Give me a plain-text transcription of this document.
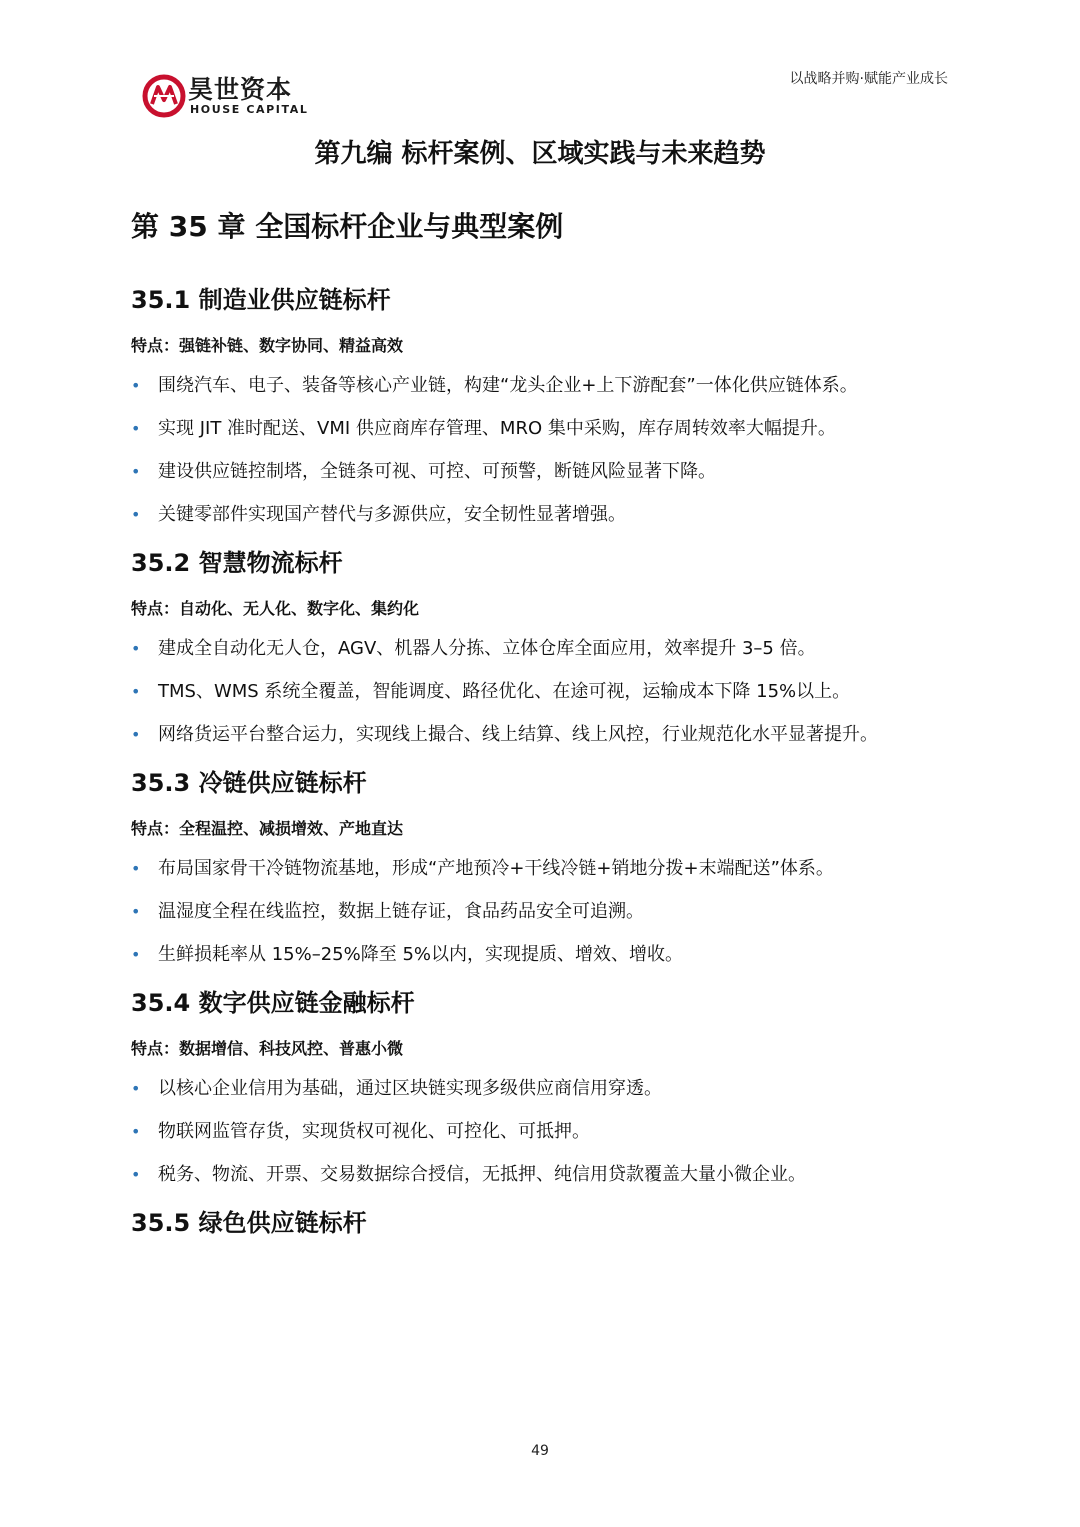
昊世资本
HOUSE CAPITAL
以战略并购·赋能产业成长
第九编 标杆案例、区域实践与未来趋势
第 35 章 全国标杆企业与典型案例
35.1 制造业供应链标杆
特点：强链补链、数字协同、精益高效
• 围绕汽车、电子、装备等核心产业链，构建“龙头企业+上下游配套”一体化供应链体系。
• 实现 JIT 准时配送、VMI 供应商库存管理、MRO 集中采购，库存周转效率大幅提升。
• 建设供应链控制塔，全链条可视、可控、可预警，断链风险显著下降。
• 关键零部件实现国产替代与多源供应，安全韧性显著增强。
35.2 智慧物流标杆
特点：自动化、无人化、数字化、集约化
• 建成全自动化无人仓，AGV、机器人分拣、立体仓库全面应用，效率提升 3–5 倍。
• TMS、WMS 系统全覆盖，智能调度、路径优化、在途可视，运输成本下降 15%以上。
• 网络货运平台整合运力，实现线上撮合、线上结算、线上风控，行业规范化水平显著提升。
35.3 冷链供应链标杆
特点：全程温控、减损增效、产地直达
• 布局国家骨干冷链物流基地，形成“产地预冷+干线冷链+销地分拨+末端配送”体系。
• 温湿度全程在线监控，数据上链存证，食品药品安全可追溯。
• 生鲜损耗率从 15%–25%降至 5%以内，实现提质、增效、增收。
35.4 数字供应链金融标杆
特点：数据增信、科技风控、普惠小微
• 以核心企业信用为基础，通过区块链实现多级供应商信用穿透。
• 物联网监管存货，实现货权可视化、可控化、可抵押。
• 税务、物流、开票、交易数据综合授信，无抵押、纯信用贷款覆盖大量小微企业。
35.5 绿色供应链标杆
49
